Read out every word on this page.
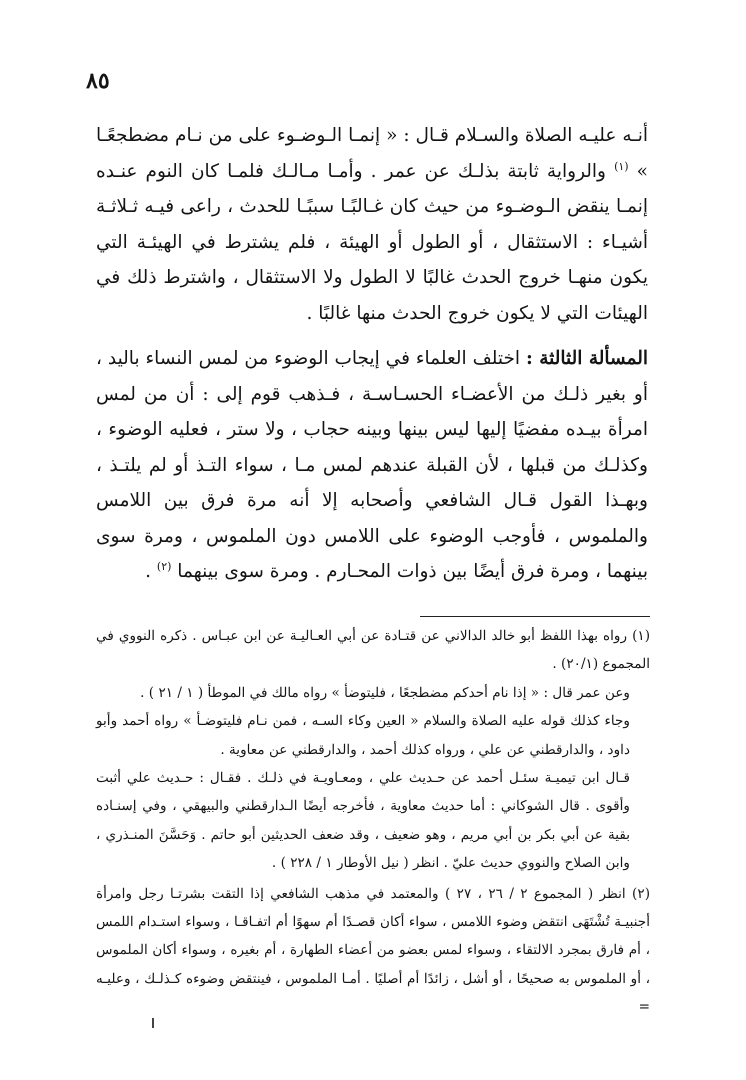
٨٥

أنـه عليـه الصلاة والسـلام قـال : « إنمـا الـوضـوء على من نـام مضطجعًـا » $^{(١)}$ والرواية ثابتة بذلـك عن عمر . وأمـا مـالـك فلمـا كان النوم عنـده إنمـا ينقض الـوضـوء من حيث كان غـالبًـا سببًـا للحدث ، راعى فيـه ثـلاثـة أشيـاء : الاستثقال ، أو الطول أو الهيئة ، فلم يشترط في الهيئـة التي يكون منهـا خروج الحدث غالبًا لا الطول ولا الاستثقال ، واشترط ذلك في الهيئات التي لا يكون خروج الحدث منها غالبًا .

المسألة الثالثة : اختلف العلماء في إيجاب الوضوء من لمس النساء باليد ، أو بغير ذلـك من الأعضـاء الحسـاسـة ، فـذهب قوم إلى : أن من لمس امرأة بيـده مفضيًا إليها ليس بينها وبينه حجاب ، ولا ستر ، فعليه الوضوء ، وكذلـك من قبلها ، لأن القبلة عندهم لمس مـا ، سواء التـذ أو لم يلتـذ ، وبهـذا القول قـال الشافعي وأصحابه إلا أنه مرة فرق بين اللامس والملموس ، فأوجب الوضوء على اللامس دون الملموس ، ومرة سوى بينهما ، ومرة فرق أيضًا بين ذوات المحـارم . ومرة سوى بينهما $^{(٢)}$ .

(١) رواه بهذا اللفظ أبو خالد الدالاني عن قتـادة عن أبي العـاليـة عن ابن عبـاس . ذكره النووي في المجموع (٢٠/١) .

وعن عمر قال : « إذا نام أحدكم مضطجعًا ، فليتوضأ » رواه مالك في الموطأ ( ١ / ٢١ ) .

وجاء كذلك قوله عليه الصلاة والسلام « العين وكاء السـه ، فمن نـام فليتوضـأ » رواه أحمد وأبو داود ، والدارقطني عن علي ، ورواه كذلك أحمد ، والدارقطني عن معاوية .

قـال ابن تيميـة سئـل أحمد عن حـديث علي ، ومعـاويـة في ذلـك . فقـال : حـديث علي أثبت وأقوى . قال الشوكاني : أما حديث معاوية ، فأخرجه أيضًا الـدارقطني والبيهقي ، وفي إسنـاده بقية عن أبي بكر بن أبي مريم ، وهو ضعيف ، وقد ضعف الحديثين أبو حاتم . وَحَسَّنَ المنـذري ، وابن الصلاح والنووي حديث عليّ . انظر ( نيل الأوطار ١ / ٢٢٨ ) .

(٢) انظر ( المجموع ٢ / ٢٦ ، ٢٧ ) والمعتمد في مذهب الشافعي إذا التقت بشرتـا رجل وامرأة أجنبيـة تُشْتَهَى انتقض وضوء اللامس ، سواء أكان قصـدًا أم سهوًا أم اتفـاقـا ، وسواء استـدام اللمس ، أم فارق بمجرد الالتقاء ، وسواء لمس بعضو من أعضاء الطهارة ، أم بغيره ، وسواء أكان الملموس ، أو الملموس به صحيحًا ، أو أشل ، زائدًا أم أصليًا . أمـا الملموس ، فينتقض وضوءه كـذلـك ، وعليـه =
